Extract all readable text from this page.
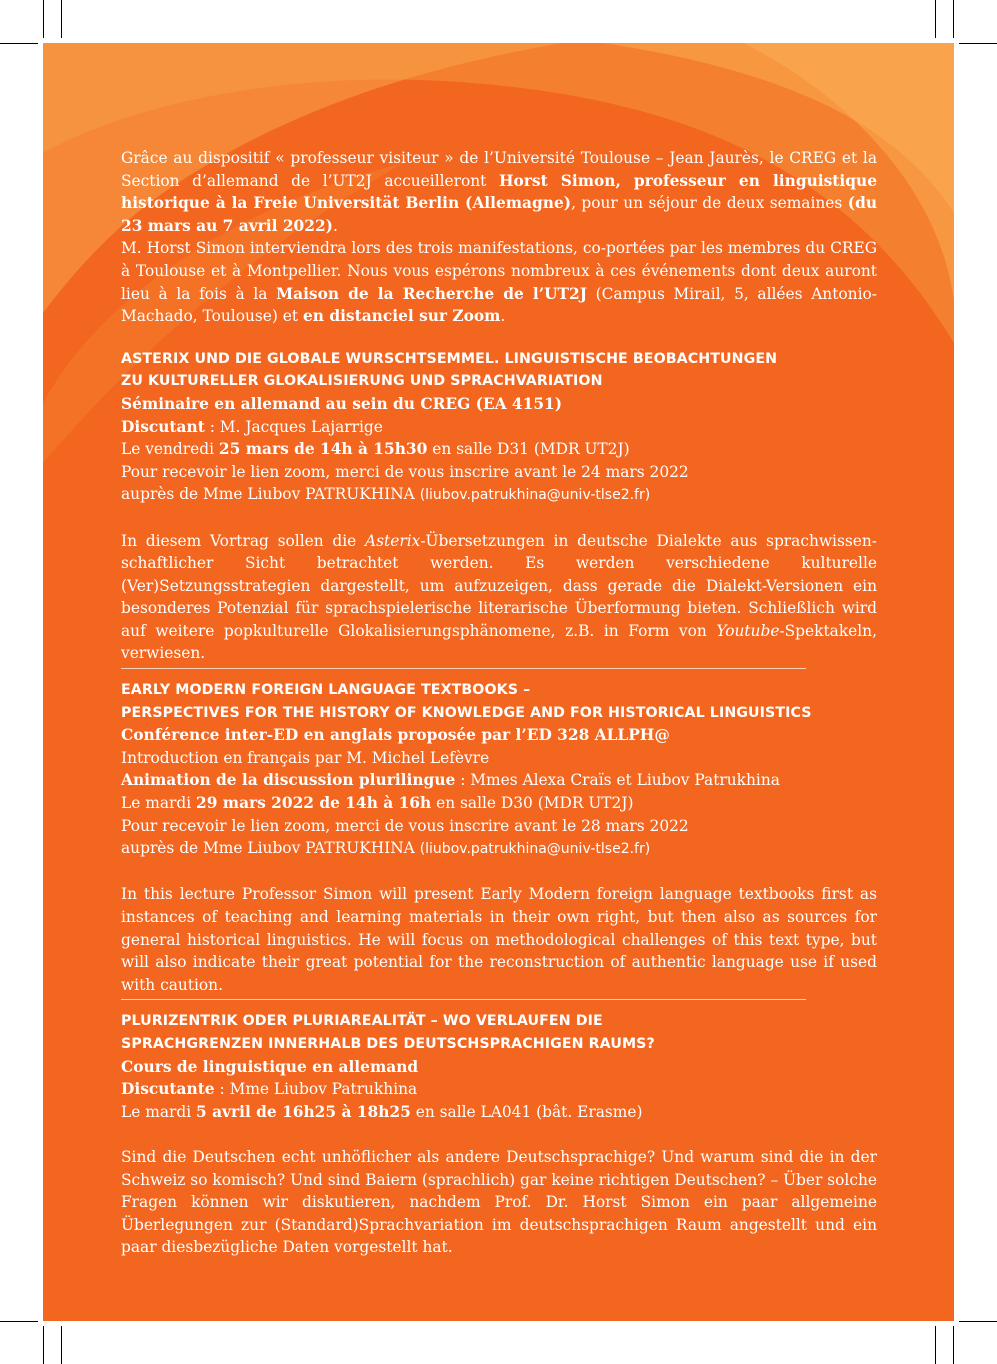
Grâce au dispositif « professeur visiteur » de l’Université Toulouse – Jean Jaurès, le CREG et la Section d’allemand de l’UT2J accueilleront Horst Simon, professeur en linguistique historique à la Freie Universität Berlin (Allemagne), pour un séjour de deux semaines (du 23 mars au 7 avril 2022).

M. Horst Simon interviendra lors des trois manifestations, co-portées par les membres du CREG à Toulouse et à Montpellier. Nous vous espérons nombreux à ces événements dont deux auront lieu à la fois à la Maison de la Recherche de l’UT2J (Campus Mirail, 5, allées Antonio-Machado, Toulouse) et en distanciel sur Zoom.

ASTERIX UND DIE GLOBALE WURSCHTSEMMEL. LINGUISTISCHE BEOBACHTUNGEN
ZU KULTURELLER GLOKALISIERUNG UND SPRACHVARIATION

Séminaire en allemand au sein du CREG (EA 4151)

Discutant : M. Jacques Lajarrige

Le vendredi 25 mars de 14h à 15h30 en salle D31 (MDR UT2J)

Pour recevoir le lien zoom, merci de vous inscrire avant le 24 mars 2022

auprès de Mme Liubov PATRUKHINA (liubov.patrukhina@univ-tlse2.fr)

In diesem Vortrag sollen die Asterix-Übersetzungen in deutsche Dialekte aus sprachwissenschaftlicher Sicht betrachtet werden. Es werden verschiedene kulturelle (Ver)Setzungsstrategien dargestellt, um aufzuzeigen, dass gerade die Dialekt-Versionen ein besonderes Potenzial für sprachspielerische literarische Überformung bieten. Schließlich wird auf weitere popkulturelle Glokalisierungsphänomene, z.B. in Form von Youtube-Spektakeln, verwiesen.

EARLY MODERN FOREIGN LANGUAGE TEXTBOOKS –
PERSPECTIVES FOR THE HISTORY OF KNOWLEDGE AND FOR HISTORICAL LINGUISTICS

Conférence inter-ED en anglais proposée par l’ED 328 ALLPH@

Introduction en français par M. Michel Lefèvre

Animation de la discussion plurilingue : Mmes Alexa Craïs et Liubov Patrukhina

Le mardi 29 mars 2022 de 14h à 16h en salle D30 (MDR UT2J)

Pour recevoir le lien zoom, merci de vous inscrire avant le 28 mars 2022

auprès de Mme Liubov PATRUKHINA (liubov.patrukhina@univ-tlse2.fr)

In this lecture Professor Simon will present Early Modern foreign language textbooks first as instances of teaching and learning materials in their own right, but then also as sources for general historical linguistics. He will focus on methodological challenges of this text type, but will also indicate their great potential for the reconstruction of authentic language use if used with caution.

PLURIZENTRIK ODER PLURIAREALITÄT – WO VERLAUFEN DIE
SPRACHGRENZEN INNERHALB DES DEUTSCHSPRACHIGEN RAUMS?

Cours de linguistique en allemand

Discutante : Mme Liubov Patrukhina

Le mardi 5 avril de 16h25 à 18h25 en salle LA041 (bât. Erasme)

Sind die Deutschen echt unhöflicher als andere Deutschsprachige? Und warum sind die in der Schweiz so komisch? Und sind Baiern (sprachlich) gar keine richtigen Deutschen? – Über solche Fragen können wir diskutieren, nachdem Prof. Dr. Horst Simon ein paar allgemeine Überlegungen zur (Standard)Sprachvariation im deutschsprachigen Raum angestellt und ein paar diesbezügliche Daten vorgestellt hat.
